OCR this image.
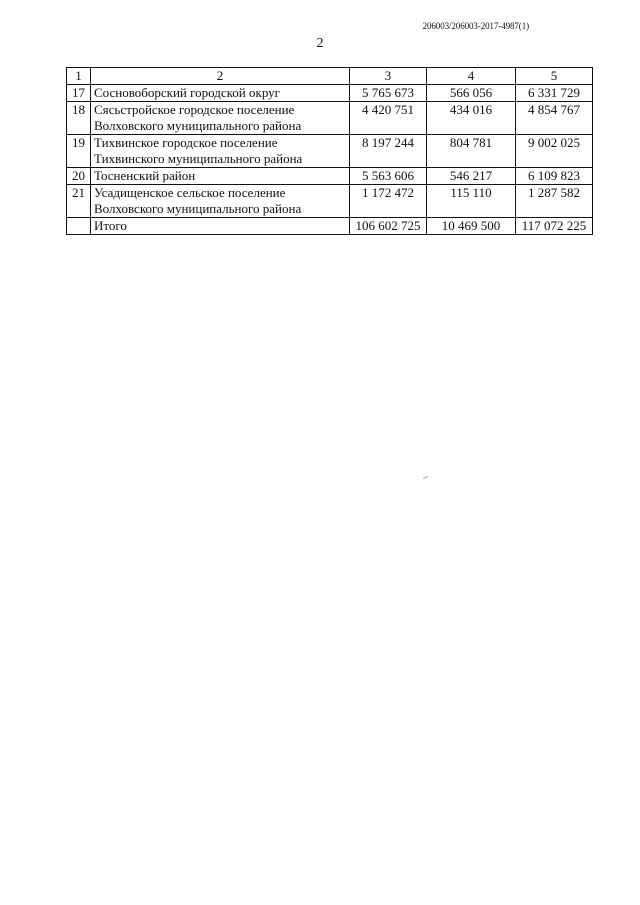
206003/206003-2017-4987(1)
2
1	2	3	4	5
17	Сосновоборский городской округ	5 765 673	566 056	6 331 729
18	Сясьстройское городское поселение
Волховского муниципального района	4 420 751	434 016	4 854 767
19	Тихвинское городское поселение
Тихвинского муниципального района	8 197 244	804 781	9 002 025
20	Тосненский район	5 563 606	546 217	6 109 823
21	Усадищенское сельское поселение
Волховского муниципального района	1 172 472	115 110	1 287 582
	Итого	106 602 725	10 469 500	117 072 225
